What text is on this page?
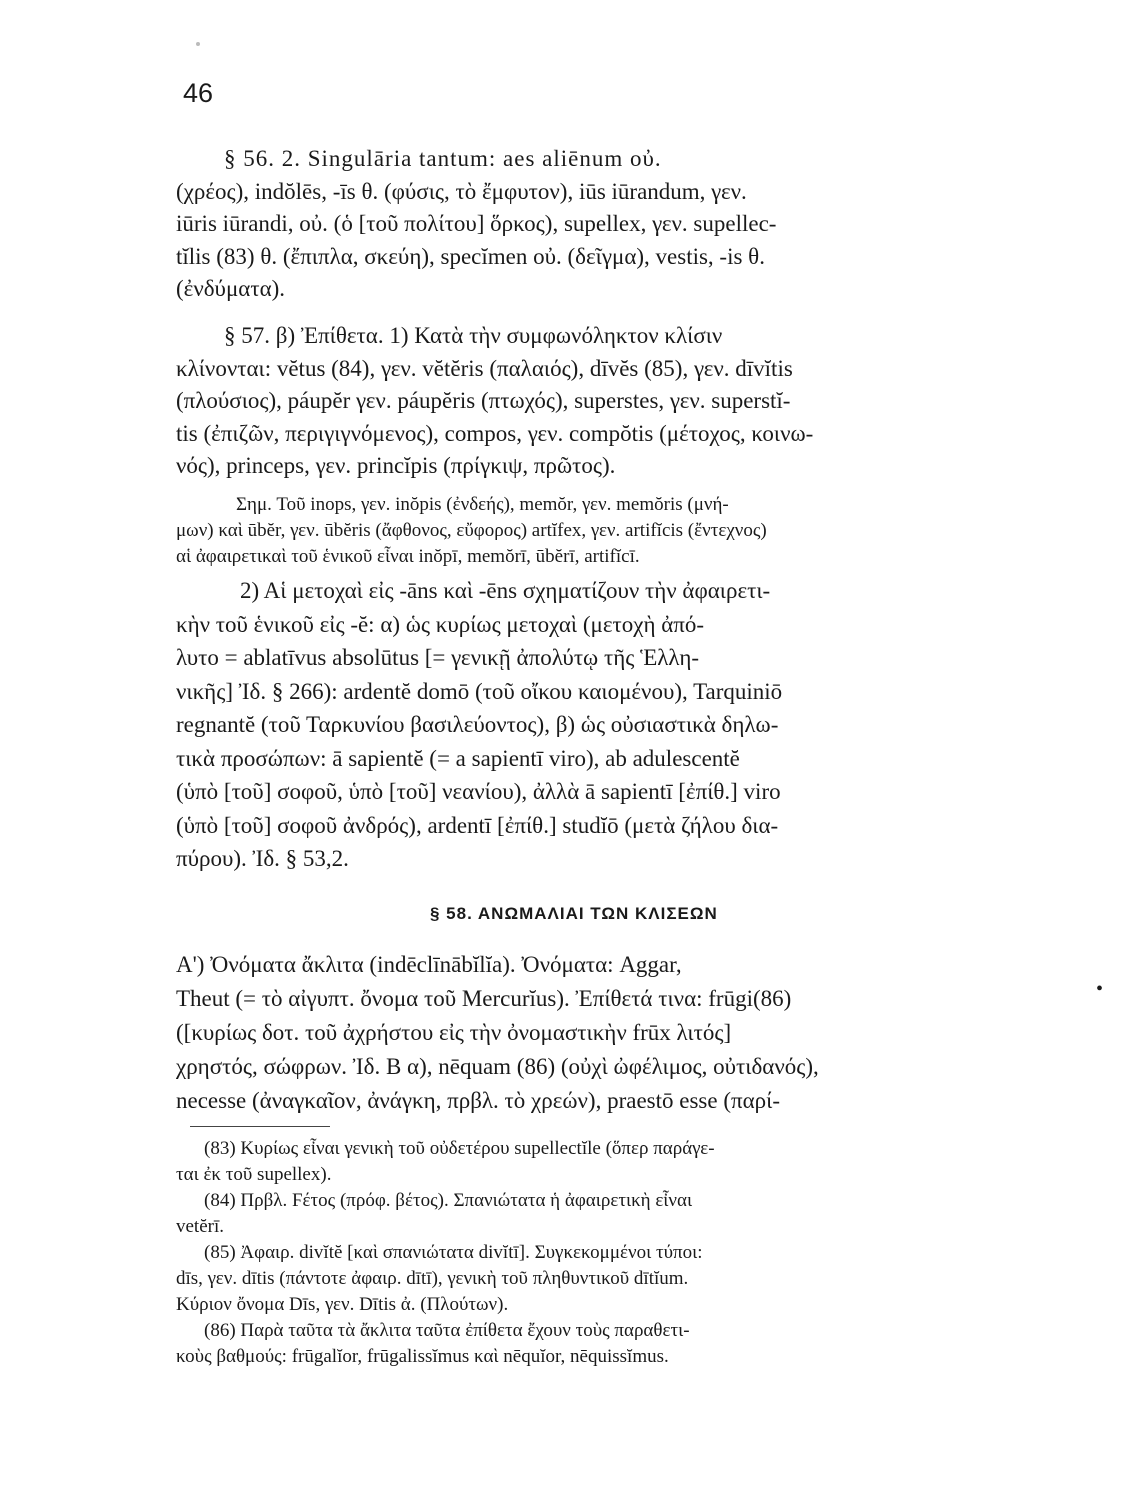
46
§ 56. 2. Singulāria tantum: aes aliēnum οὐ.
(χρέος), indŏlēs, -īs θ. (φύσις, τὸ ἔμφυτον), iūs iūrandum, γεν.
iūris iūrandi, οὐ. (ὁ [τοῦ πολίτου] ὅρκος), supellex, γεν. supellec-
tĭlis (83) θ. (ἔπιπλα, σκεύη), specĭmen οὐ. (δεῖγμα), vestis, -is θ.
(ἐνδύματα).
§ 57. β) Ἐπίθετα. 1) Κατὰ τὴν συμφωνόληκτον κλίσιν
κλίνονται: vĕtus (84), γεν. vĕtĕris (παλαιός), dīvĕs (85), γεν. dīvĭtis
(πλούσιος), páupĕr γεν. páupĕris (πτωχός), superstes, γεν. superstĭ-
tis (ἐπιζῶν, περιγιγνόμενος), compos, γεν. compŏtis (μέτοχος, κοινω-
νός), princeps, γεν. princĭpis (πρίγκιψ, πρῶτος).
Σημ. Τοῦ inops, γεν. inŏpis (ἐνδεής), memŏr, γεν. memŏris (μνή-
μων) καὶ ūbĕr, γεν. ūbĕris (ἄφθονος, εὔφορος) artĭfex, γεν. artifĭcis (ἔντεχνος)
αἱ ἀφαιρετικαὶ τοῦ ἑνικοῦ εἶναι inŏpī, memŏrī, ūbĕrī, artifĭcī.
2) Αἱ μετοχαὶ εἰς -āns καὶ -ēns σχηματίζουν τὴν ἀφαιρετι-
κὴν τοῦ ἑνικοῦ εἰς -ĕ: α) ὡς κυρίως μετοχαὶ (μετοχὴ ἀπό-
λυτο = ablatīvus absolūtus [= γενικῇ ἀπολύτῳ τῆς Ἑλλη-
νικῆς] Ἰδ. § 266): ardentĕ domō (τοῦ οἴκου καιομένου), Tarquiniō
regnantĕ (τοῦ Ταρκυνίου βασιλεύοντος), β) ὡς οὐσιαστικὰ δηλω-
τικὰ προσώπων: ā sapientĕ (= a sapientī viro), ab adulescentĕ
(ὑπὸ [τοῦ] σοφοῦ, ὑπὸ [τοῦ] νεανίου), ἀλλὰ ā sapientī [ἐπίθ.] viro
(ὑπὸ [τοῦ] σοφοῦ ἀνδρός), ardentī [ἐπίθ.] studĭō (μετὰ ζήλου δια-
πύρου). Ἰδ. § 53,2.
§ 58. ΑΝΩΜΑΛΙΑΙ ΤΩΝ ΚΛΙΣΕΩΝ
Α') Ὀνόματα ἄκλιτα (indēclīnābĭlĭa). Ὀνόματα: Aggar,
Theut (= τὸ αἰγυπτ. ὄνομα τοῦ Mercurĭus). Ἐπίθετά τινα: frūgi(86)
([κυρίως δοτ. τοῦ ἀχρήστου εἰς τὴν ὀνομαστικὴν frūx λιτός]
χρηστός, σώφρων. Ἰδ. Β α), nēquam (86) (οὐχὶ ὠφέλιμος, οὐτιδανός),
necesse (ἀναγκαῖον, ἀνάγκη, πρβλ. τὸ χρεών), praestō esse (παρί-
•
(83) Κυρίως εἶναι γενικὴ τοῦ οὐδετέρου supellectĭle (ὅπερ παράγε-
ται ἐκ τοῦ supellex).
(84) Πρβλ. Ϝέτος (πρόφ. βέτος). Σπανιώτατα ἡ ἀφαιρετικὴ εἶναι
vetĕrī.
(85) Ἀφαιρ. divĭtĕ [καὶ σπανιώτατα divĭtī]. Συγκεκομμένοι τύποι:
dīs, γεν. dītis (πάντοτε ἀφαιρ. dītī), γενικὴ τοῦ πληθυντικοῦ dītĭum.
Κύριον ὄνομα Dīs, γεν. Dītis ἀ. (Πλούτων).
(86) Παρὰ ταῦτα τὰ ἄκλιτα ταῦτα ἐπίθετα ἔχουν τοὺς παραθετι-
κοὺς βαθμούς: frūgalĭor, frūgalissĭmus καὶ nēquĭor, nēquissĭmus.
